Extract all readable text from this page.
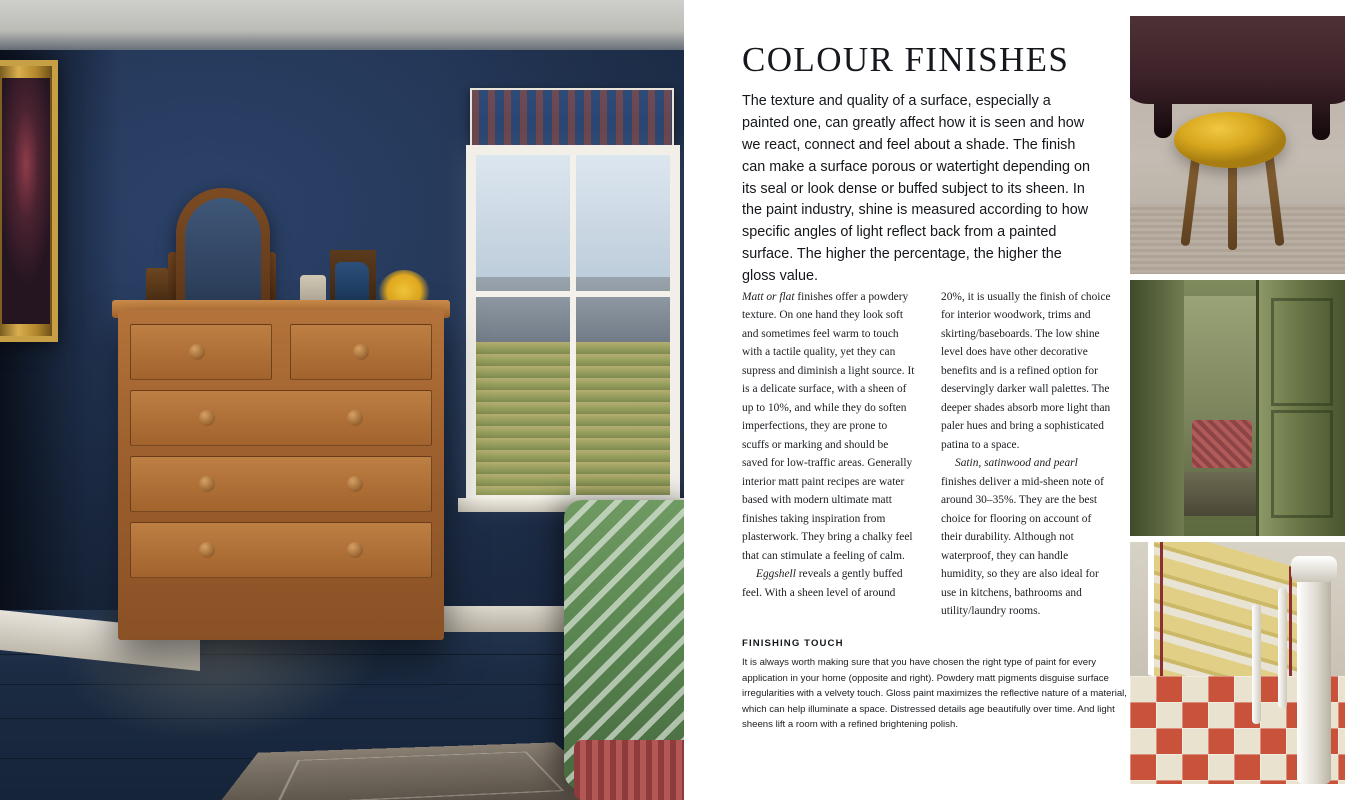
COLOUR FINISHES

The texture and quality of a surface, especially a painted one, can greatly affect how it is seen and how we react, connect and feel about a shade. The finish can make a surface porous or watertight depending on its seal or look dense or buffed subject to its sheen. In the paint industry, shine is measured according to how specific angles of light reflect back from a painted surface. The higher the percentage, the higher the gloss value.

Matt or flat finishes offer a powdery texture. On one hand they look soft and sometimes feel warm to touch with a tactile quality, yet they can supress and diminish a light source. It is a delicate surface, with a sheen of up to 10%, and while they do soften imperfections, they are prone to scuffs or marking and should be saved for low-traffic areas. Generally interior matt paint recipes are water based with modern ultimate matt finishes taking inspiration from plasterwork. They bring a chalky feel that can stimulate a feeling of calm.

Eggshell reveals a gently buffed feel. With a sheen level of around

20%, it is usually the finish of choice for interior woodwork, trims and skirting/baseboards. The low shine level does have other decorative benefits and is a refined option for deservingly darker wall palettes. The deeper shades absorb more light than paler hues and bring a sophisticated patina to a space.

Satin, satinwood and pearl finishes deliver a mid-sheen note of around 30–35%. They are the best choice for flooring on account of their durability. Although not waterproof, they can handle humidity, so they are also ideal for use in kitchens, bathrooms and utility/laundry rooms.

FINISHING TOUCH

It is always worth making sure that you have chosen the right type of paint for every application in your home (opposite and right). Powdery matt pigments disguise surface irregularities with a velvety touch. Gloss paint maximizes the reflective nature of a material, which can help illuminate a space. Distressed details age beautifully over time. And light sheens lift a room with a refined brightening polish.
